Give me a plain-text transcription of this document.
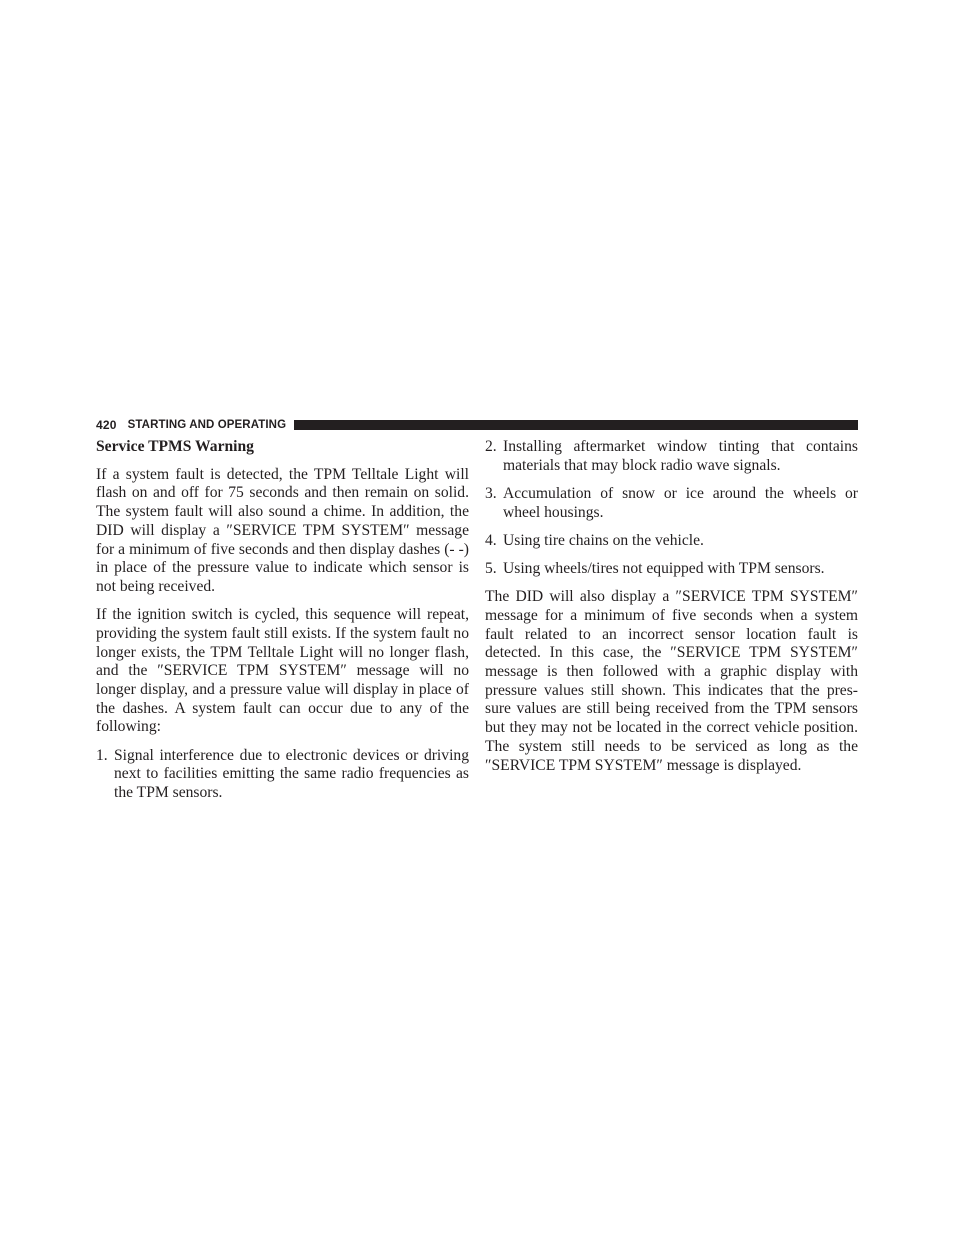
420 STARTING AND OPERATING
Service TPMS Warning

If a system fault is detected, the TPM Telltale Light will flash on and off for 75 seconds and then remain on solid. The system fault will also sound a chime. In addition, the DID will display a ″SERVICE TPM SYSTEM″ message for a minimum of five seconds and then display dashes (- -) in place of the pressure value to indicate which sensor is not being received.

If the ignition switch is cycled, this sequence will repeat, providing the system fault still exists. If the system fault no longer exists, the TPM Telltale Light will no longer flash, and the ″SERVICE TPM SYSTEM″ message will no longer display, and a pressure value will display in place of the dashes. A system fault can occur due to any of the following:

1. Signal interference due to electronic devices or driving next to facilities emitting the same radio frequencies as the TPM sensors.
2. Installing aftermarket window tinting that contains materials that may block radio wave signals.
3. Accumulation of snow or ice around the wheels or wheel housings.
4. Using tire chains on the vehicle.
5. Using wheels/tires not equipped with TPM sensors.

The DID will also display a ″SERVICE TPM SYSTEM″ message for a minimum of five seconds when a system fault related to an incorrect sensor location fault is detected. In this case, the ″SERVICE TPM SYSTEM″ message is then followed with a graphic display with pressure values still shown. This indicates that the pres- sure values are still being received from the TPM sensors but they may not be located in the correct vehicle position. The system still needs to be serviced as long as the ″SERVICE TPM SYSTEM″ message is displayed.
